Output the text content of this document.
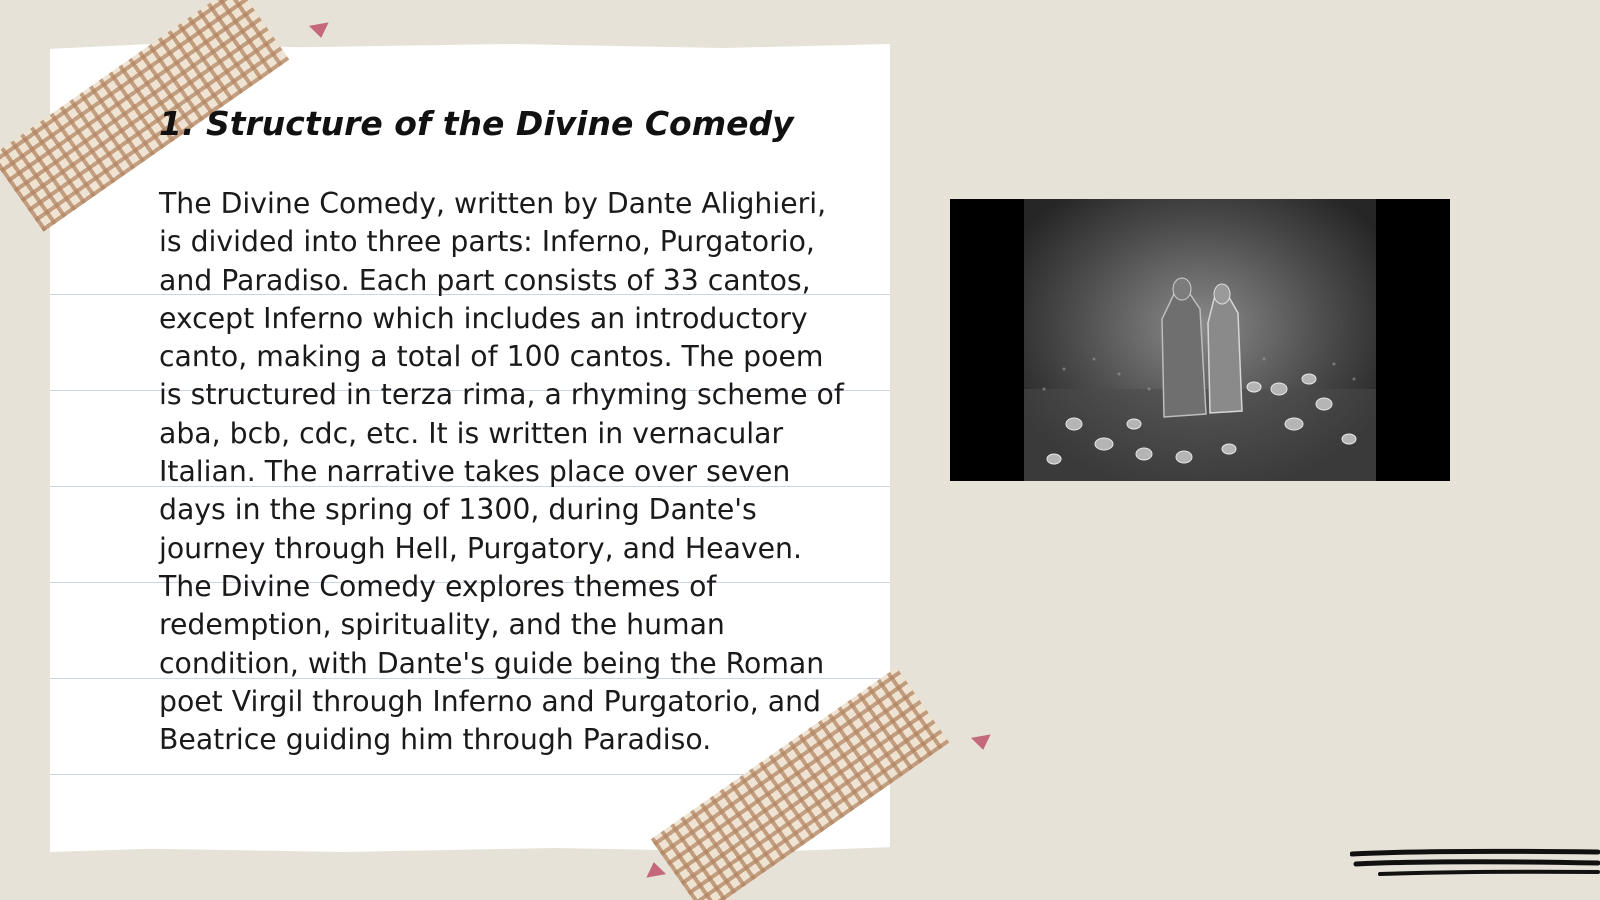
1. Structure of the Divine Comedy

The Divine Comedy, written by Dante Alighieri, is divided into three parts: Inferno, Purgatorio, and Paradiso. Each part consists of 33 cantos, except Inferno which includes an introductory canto, making a total of 100 cantos. The poem is structured in terza rima, a rhyming scheme of aba, bcb, cdc, etc. It is written in vernacular Italian. The narrative takes place over seven days in the spring of 1300, during Dante's journey through Hell, Purgatory, and Heaven. The Divine Comedy explores themes of redemption, spirituality, and the human condition, with Dante's guide being the Roman poet Virgil through Inferno and Purgatorio, and Beatrice guiding him through Paradiso.
